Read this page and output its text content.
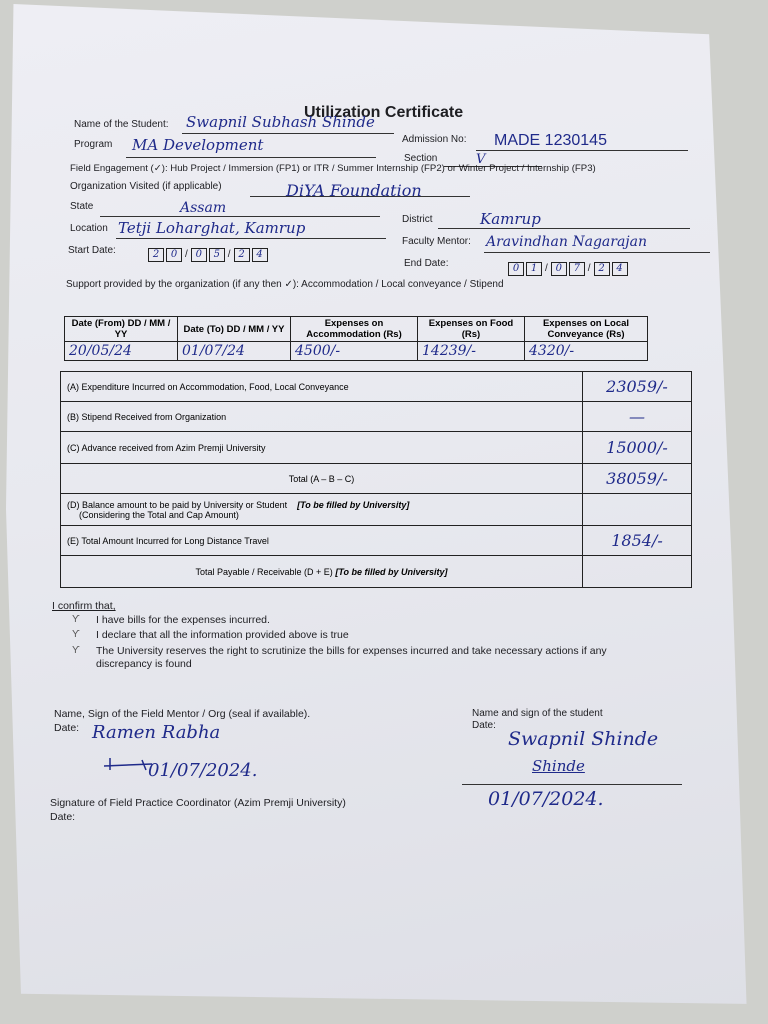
Utilization Certificate
Name of the Student: Swapnil Subhash Shinde
Admission No: MADE 1230145
Program MA Development
Section	V
Field Engagement (✓): Hub Project / Immersion (FP1) or ITR / Summer Internship (FP2) or Winter Project / Internship (FP3)
Organization Visited (if applicable)	DiYA Foundation
State	Assam
District	Kamrup
Location Tetji Loharghat, Kamrup
Faculty Mentor: Aravindhan Nagarajan
Start Date:	2 0 / 0 5 / 2 4
End Date:	0 1 / 0 7 / 2 4
Support provided by the organization (if any then ✓): Accommodation / Local conveyance / Stipend
Date (From) DD / MM / YY	Date (To) DD / MM / YY	Expenses on Accommodation (Rs)	Expenses on Food (Rs)	Expenses on Local Conveyance (Rs)
20/05/24	01/07/24	4500/-	14239/-	4320/-
(A) Expenditure Incurred on Accommodation, Food, Local Conveyance	23059/-
(B) Stipend Received from Organization	—
(C) Advance received from Azim Premji University	15000/-
Total (A – B – C)	38059/-
(D) Balance amount to be paid by University or Student [To be filled by University]
(Considering the Total and Cap Amount)	
(E) Total Amount Incurred for Long Distance Travel	1854/-
Total Payable / Receivable (D + E) [To be filled by University]	
I confirm that,
ϒ I have bills for the expenses incurred.
ϒ I declare that all the information provided above is true
ϒ The University reserves the right to scrutinize the bills for expenses incurred and take necessary actions if any
discrepancy is found
Name, Sign of the Field Mentor / Org (seal if available).
Date: Ramen Rabha
01/07/2024.
Signature of Field Practice Coordinator (Azim Premji University)
Date:
Name and sign of the student
Date:
Swapnil Shinde
Shinde
01/07/2024.
